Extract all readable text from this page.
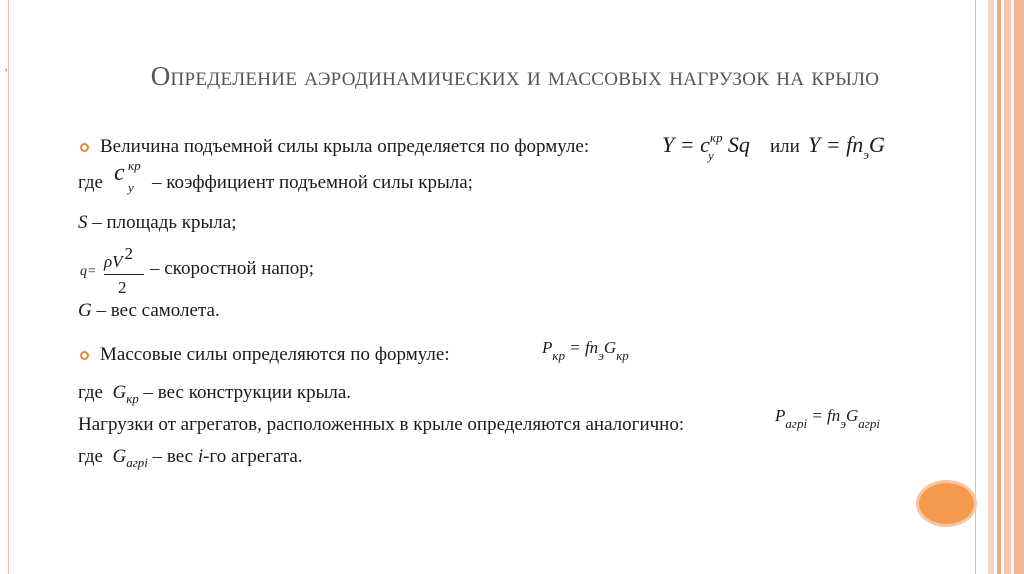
,	Определение аэродинамических и массовых нагрузок на крыло
Величина подъемной силы крыла определяется по формуле:	Y = c кр
y Sq или $Y = fn_эG$
где c кр
y – коэффициент подъемной силы крыла;
S – площадь крыла;
q=
ρV 2
2
– скоростной напор;
G – вес самолета.
Массовые силы определяются по формуле:	$P_{кр} = fn_эG_{кр}$
где $G_{кр}$ – вес конструкции крыла.
Нагрузки от агрегатов, расположенных в крыле определяются аналогично:	$P_{агрi} = fn_эG_{агрi}$
где $G_{агрi}$ – вес i-го агрегата.
